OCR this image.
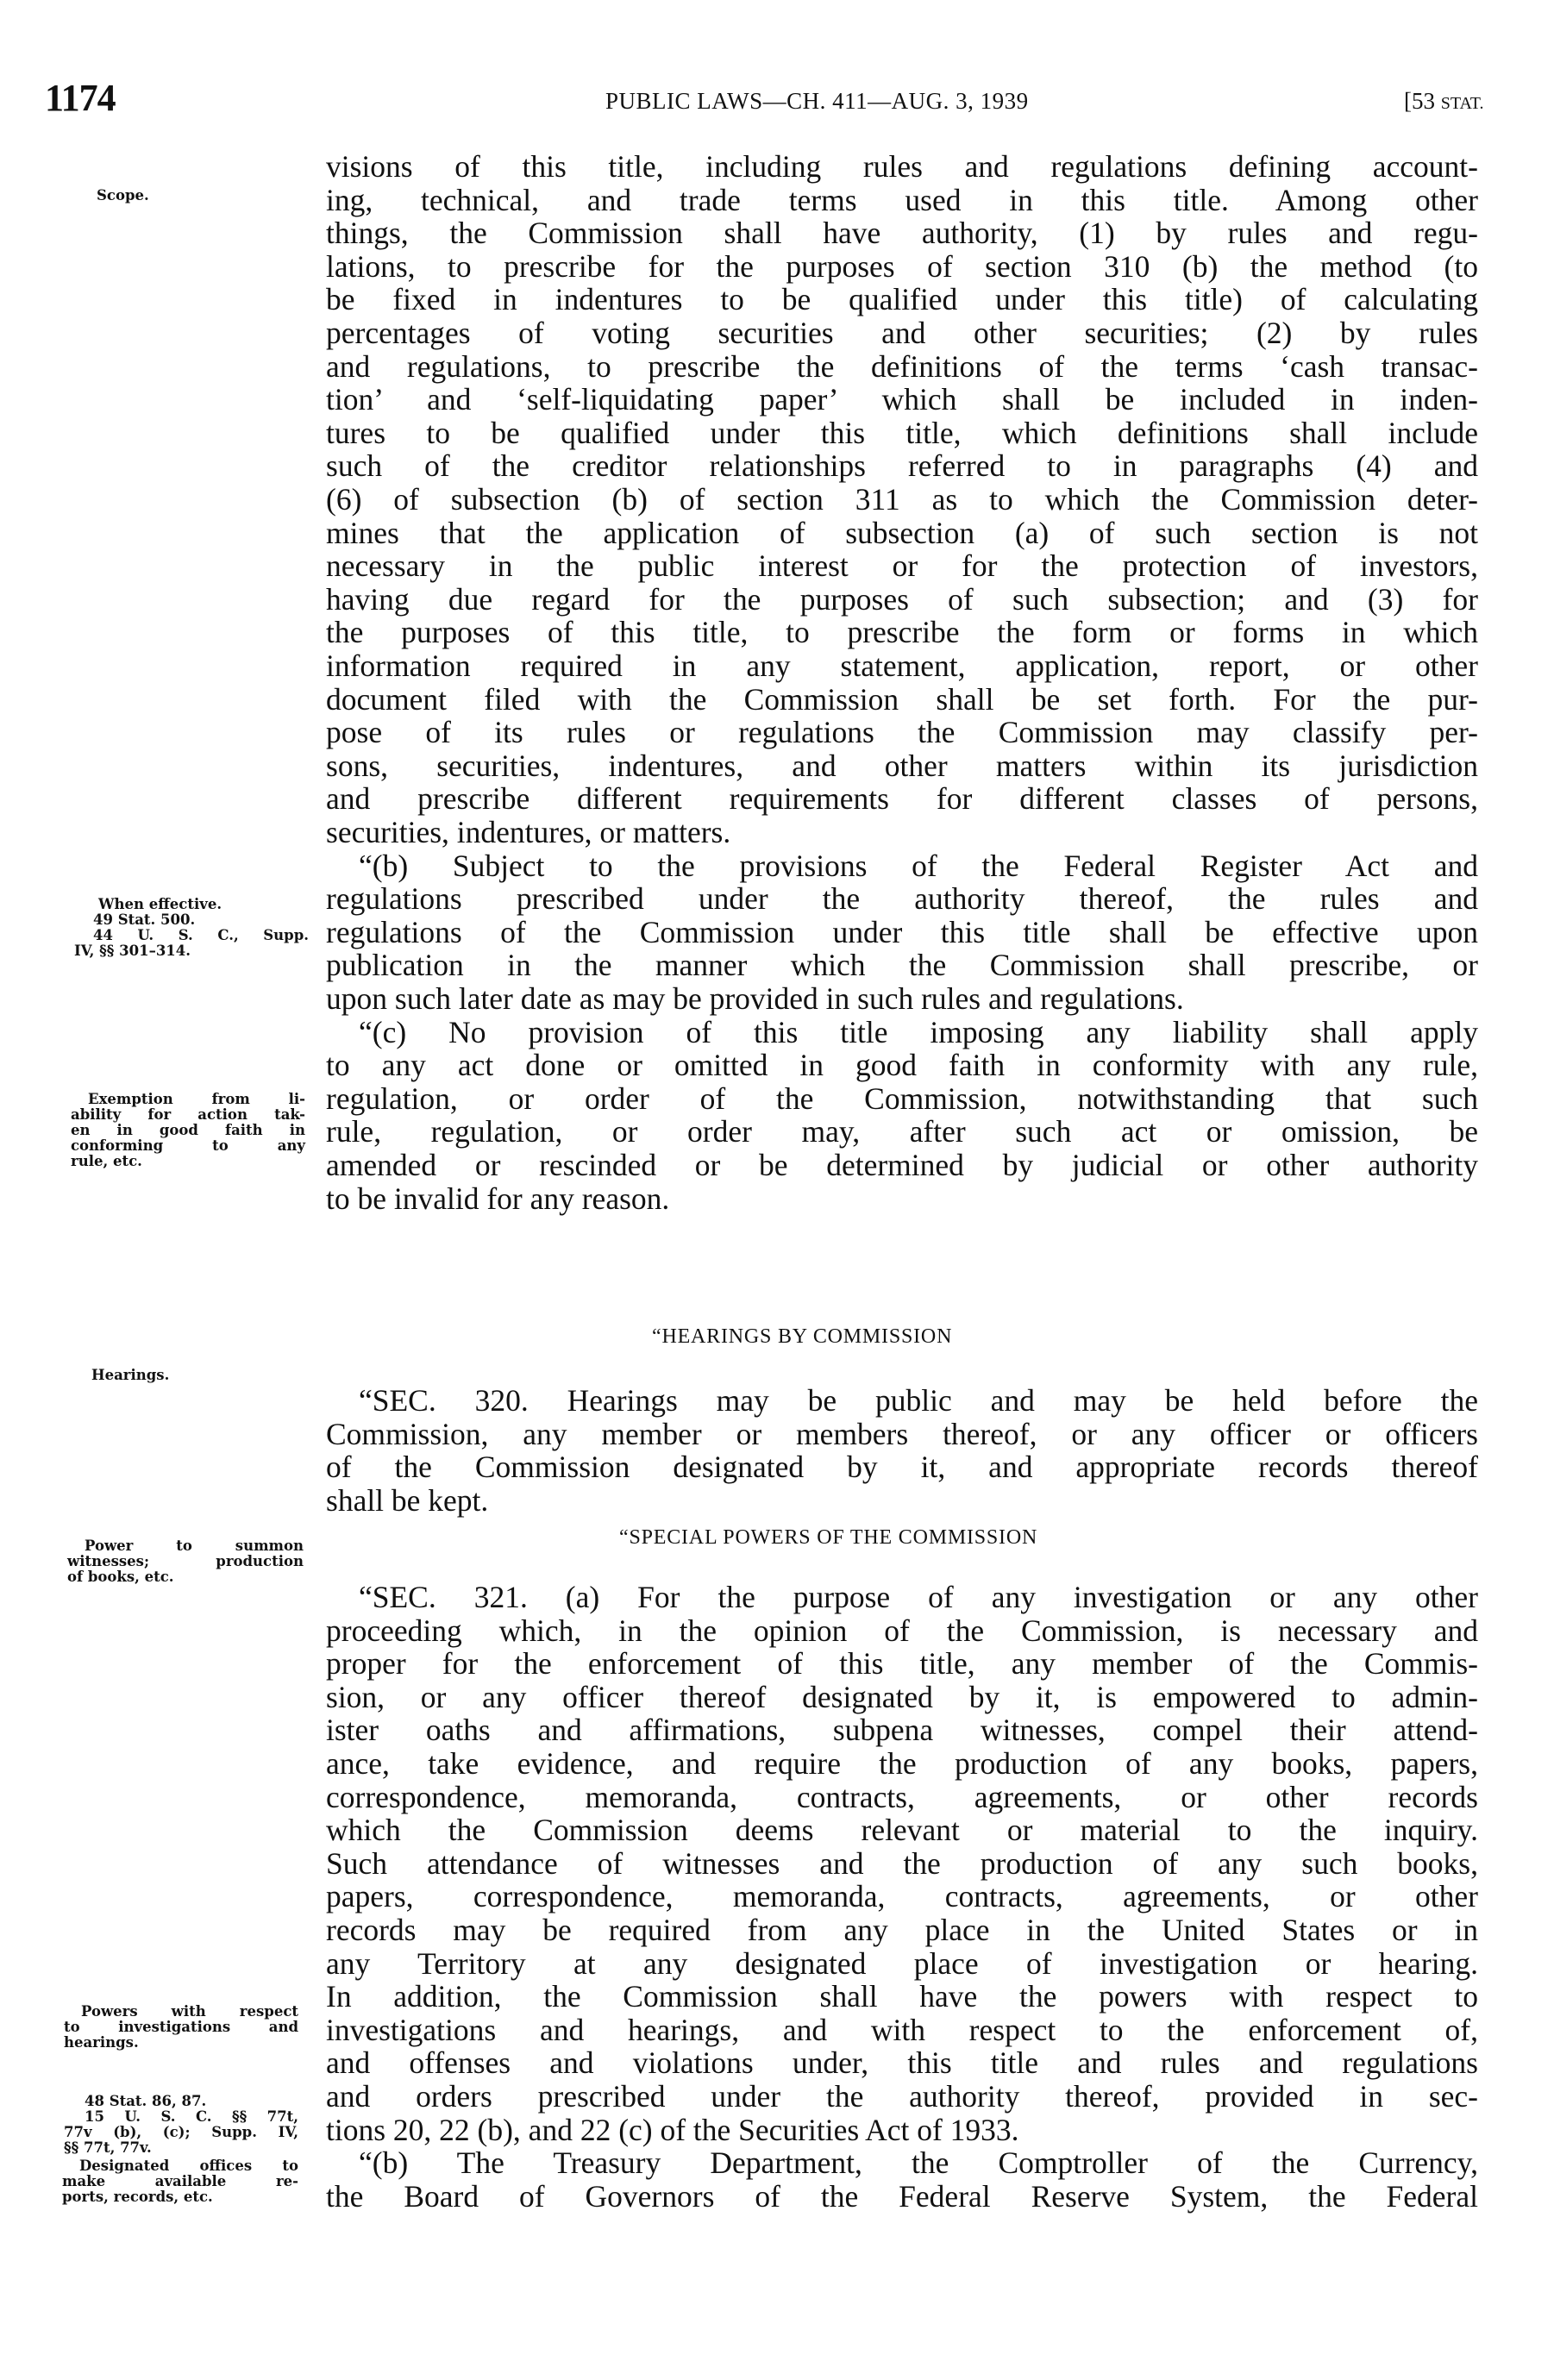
1174	PUBLIC LAWS—CH. 411—AUG. 3, 1939	[53 STAT.
Scope.
When effective.
49 Stat. 500.
44 U. S. C., Supp.
IV, §§ 301–314.
Exemption from li-
ability for action tak-
en in good faith in
conforming to any
rule, etc.
Hearings.
Power to summon
witnesses; production
of books, etc.
Powers with respect
to investigations and
hearings.
48 Stat. 86, 87.
15 U. S. C. §§ 77t,
77v (b), (c); Supp. IV,
§§ 77t, 77v.
Designated offices to
make available re-
ports, records, etc.
visions of this title, including rules and regulations defining account-
ing, technical, and trade terms used in this title. Among other
things, the Commission shall have authority, (1) by rules and regu-
lations, to prescribe for the purposes of section 310 (b) the method (to
be fixed in indentures to be qualified under this title) of calculating
percentages of voting securities and other securities; (2) by rules
and regulations, to prescribe the definitions of the terms ‘cash transac-
tion’ and ‘self-liquidating paper’ which shall be included in inden-
tures to be qualified under this title, which definitions shall include
such of the creditor relationships referred to in paragraphs (4) and
(6) of subsection (b) of section 311 as to which the Commission deter-
mines that the application of subsection (a) of such section is not
necessary in the public interest or for the protection of investors,
having due regard for the purposes of such subsection; and (3) for
the purposes of this title, to prescribe the form or forms in which
information required in any statement, application, report, or other
document filed with the Commission shall be set forth. For the pur-
pose of its rules or regulations the Commission may classify per-
sons, securities, indentures, and other matters within its jurisdiction
and prescribe different requirements for different classes of persons,
securities, indentures, or matters.
“(b) Subject to the provisions of the Federal Register Act and
regulations prescribed under the authority thereof, the rules and
regulations of the Commission under this title shall be effective upon
publication in the manner which the Commission shall prescribe, or
upon such later date as may be provided in such rules and regulations.
“(c) No provision of this title imposing any liability shall apply
to any act done or omitted in good faith in conformity with any rule,
regulation, or order of the Commission, notwithstanding that such
rule, regulation, or order may, after such act or omission, be
amended or rescinded or be determined by judicial or other authority
to be invalid for any reason.
“HEARINGS BY COMMISSION
“SEC. 320. Hearings may be public and may be held before the
Commission, any member or members thereof, or any officer or officers
of the Commission designated by it, and appropriate records thereof
shall be kept.
“SPECIAL POWERS OF THE COMMISSION
“SEC. 321. (a) For the purpose of any investigation or any other
proceeding which, in the opinion of the Commission, is necessary and
proper for the enforcement of this title, any member of the Commis-
sion, or any officer thereof designated by it, is empowered to admin-
ister oaths and affirmations, subpena witnesses, compel their attend-
ance, take evidence, and require the production of any books, papers,
correspondence, memoranda, contracts, agreements, or other records
which the Commission deems relevant or material to the inquiry.
Such attendance of witnesses and the production of any such books,
papers, correspondence, memoranda, contracts, agreements, or other
records may be required from any place in the United States or in
any Territory at any designated place of investigation or hearing.
In addition, the Commission shall have the powers with respect to
investigations and hearings, and with respect to the enforcement of,
and offenses and violations under, this title and rules and regulations
and orders prescribed under the authority thereof, provided in sec-
tions 20, 22 (b), and 22 (c) of the Securities Act of 1933.
“(b) The Treasury Department, the Comptroller of the Currency,
the Board of Governors of the Federal Reserve System, the Federal
